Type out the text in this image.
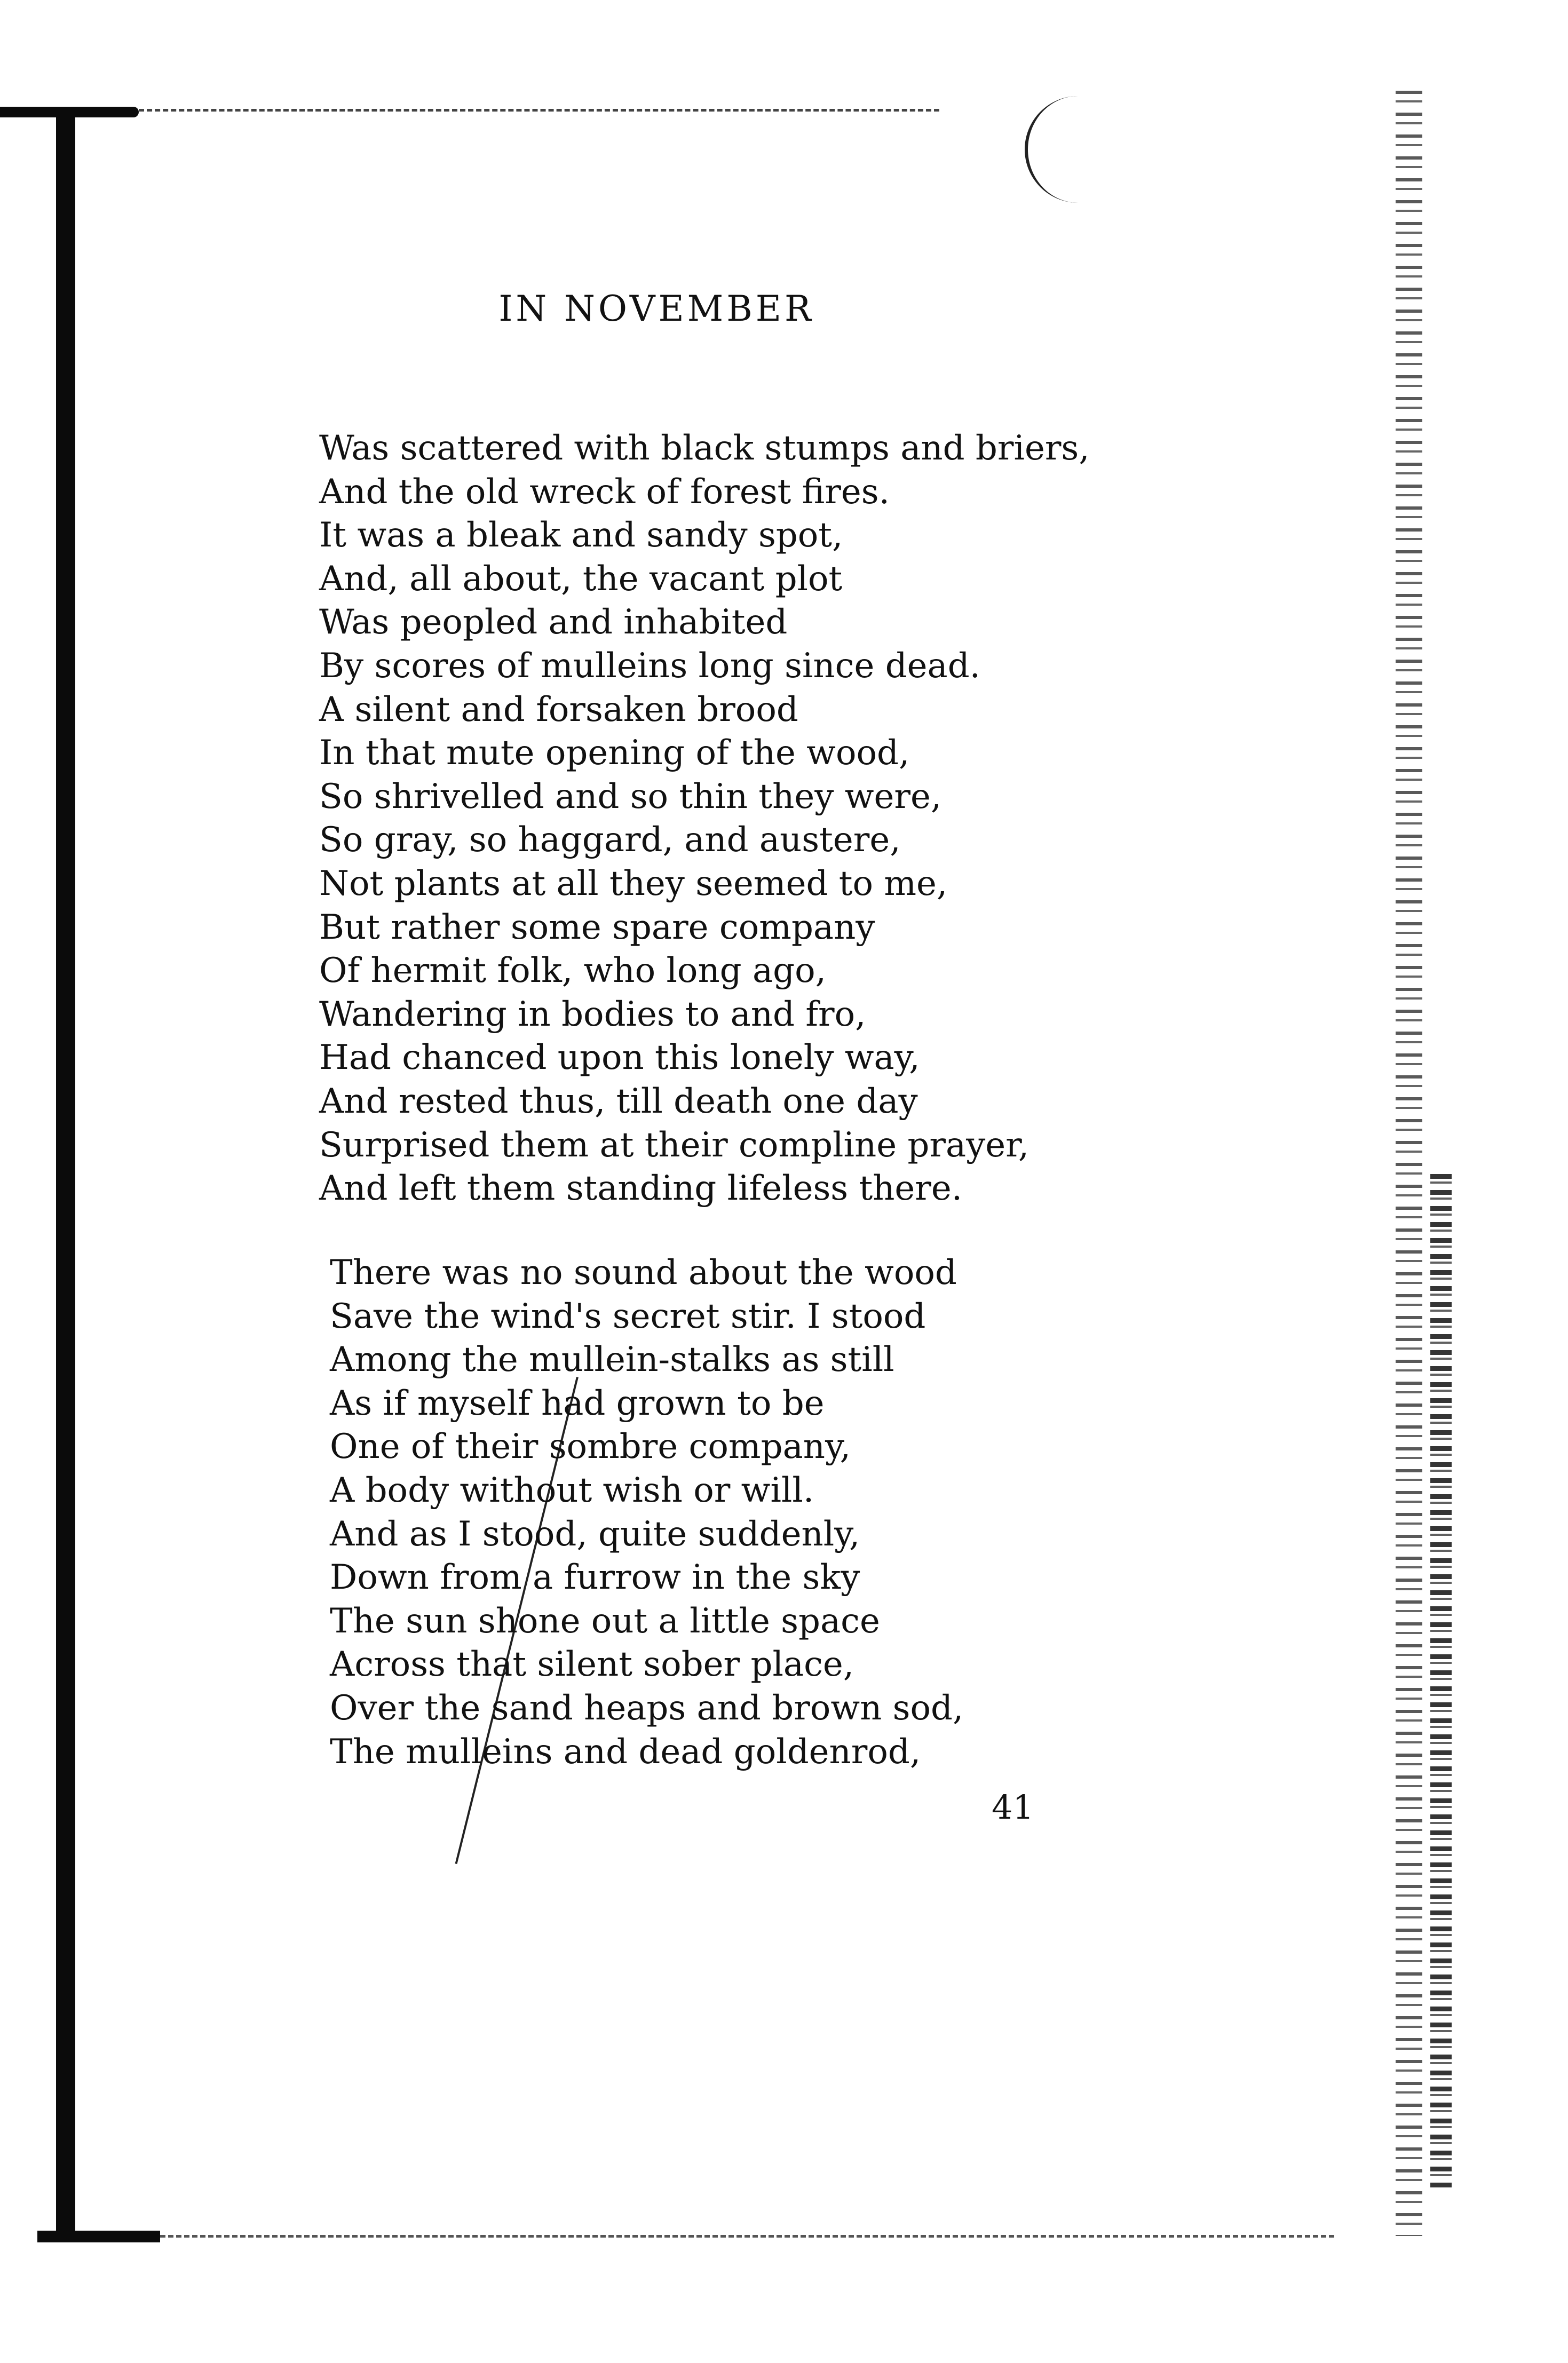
IN NOVEMBER
Was scattered with black stumps and briers,
And the old wreck of forest fires.
It was a bleak and sandy spot,
And, all about, the vacant plot
Was peopled and inhabited
By scores of mulleins long since dead.
A silent and forsaken brood
In that mute opening of the wood,
So shrivelled and so thin they were,
So gray, so haggard, and austere,
Not plants at all they seemed to me,
But rather some spare company
Of hermit folk, who long ago,
Wandering in bodies to and fro,
Had chanced upon this lonely way,
And rested thus, till death one day
Surprised them at their compline prayer,
And left them standing lifeless there.
There was no sound about the wood
Save the wind's secret stir. I stood
Among the mullein-stalks as still
As if myself had grown to be
One of their sombre company,
A body without wish or will.
And as I stood, quite suddenly,
Down from a furrow in the sky
The sun shone out a little space
Across that silent sober place,
Over the sand heaps and brown sod,
The mulleins and dead goldenrod,

41
